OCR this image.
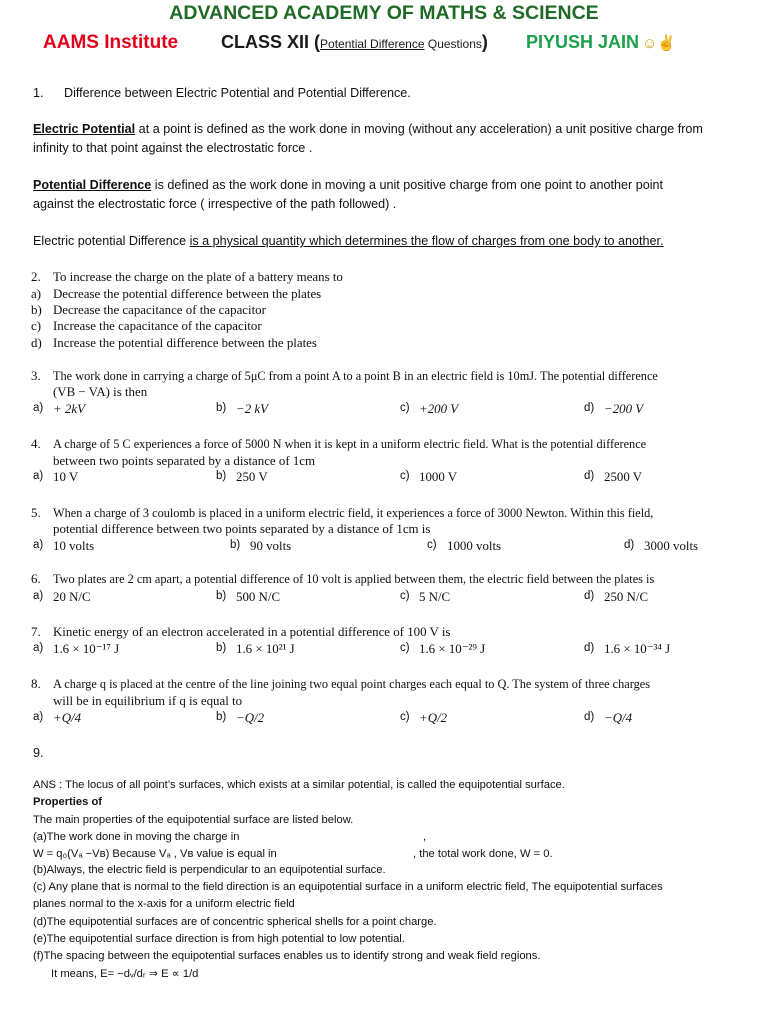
ADVANCED ACADEMY OF MATHS & SCIENCE
AAMS Institute CLASS XII (Potential Difference Questions) PIYUSH JAIN ☺✌
1. Difference between Electric Potential and Potential Difference.
Electric Potential at a point is defined as the work done in moving (without any acceleration) a unit positive charge from
infinity to that point against the electrostatic force .
Potential Difference is defined as the work done in moving a unit positive charge from one point to another point
against the electrostatic force ( irrespective of the path followed) .
Electric potential Difference is a physical quantity which determines the flow of charges from one body to another.
2. To increase the charge on the plate of a battery means to
a) Decrease the potential difference between the plates
b) Decrease the capacitance of the capacitor
c) Increase the capacitance of the capacitor
d) Increase the potential difference between the plates
3. The work done in carrying a charge of 5μC from a point A to a point B in an electric field is 10mJ. The potential difference
(VB − VA) is then
a) + 2kV	b) −2 kV	c) +200 V	d) −200 V
4. A charge of 5 C experiences a force of 5000 N when it is kept in a uniform electric field. What is the potential difference
between two points separated by a distance of 1cm
a) 10 V	b) 250 V	c) 1000 V	d) 2500 V
5. When a charge of 3 coulomb is placed in a uniform electric field, it experiences a force of 3000 Newton. Within this field,
potential difference between two points separated by a distance of 1cm is
a) 10 volts	b) 90 volts	c) 1000 volts	d) 3000 volts
6. Two plates are 2 cm apart, a potential difference of 10 volt is applied between them, the electric field between the plates is
a) 20 N/C	b) 500 N/C	c) 5 N/C	d) 250 N/C
7. Kinetic energy of an electron accelerated in a potential difference of 100 V is
a) 1.6 × 10⁻¹⁷ J	b) 1.6 × 10²¹ J	c) 1.6 × 10⁻²⁹ J	d) 1.6 × 10⁻³⁴ J
8. A charge q is placed at the centre of the line joining two equal point charges each equal to Q. The system of three charges
will be in equilibrium if q is equal to
a) +Q/4	b) −Q/2	c) +Q/2	d) −Q/4
9.
ANS : The locus of all point’s surfaces, which exists at a similar potential, is called the equipotential surface.
Properties of
The main properties of the equipotential surface are listed below.
(a)The work done in moving the charge in	,
W = q₀(Vₐ −Vʙ) Because Vₐ , Vʙ value is equal in	, the total work done, W = 0.
(b)Always, the electric field is perpendicular to an equipotential surface.
(c) Any plane that is normal to the field direction is an equipotential surface in a uniform electric field, The equipotential surfaces
planes normal to the x-axis for a uniform electric field
(d)The equipotential surfaces are of concentric spherical shells for a point charge.
(e)The equipotential surface direction is from high potential to low potential.
(f)The spacing between the equipotential surfaces enables us to identify strong and weak field regions.
It means, E= −dᵥ/dᵣ ⇒ E ∝ 1/d
